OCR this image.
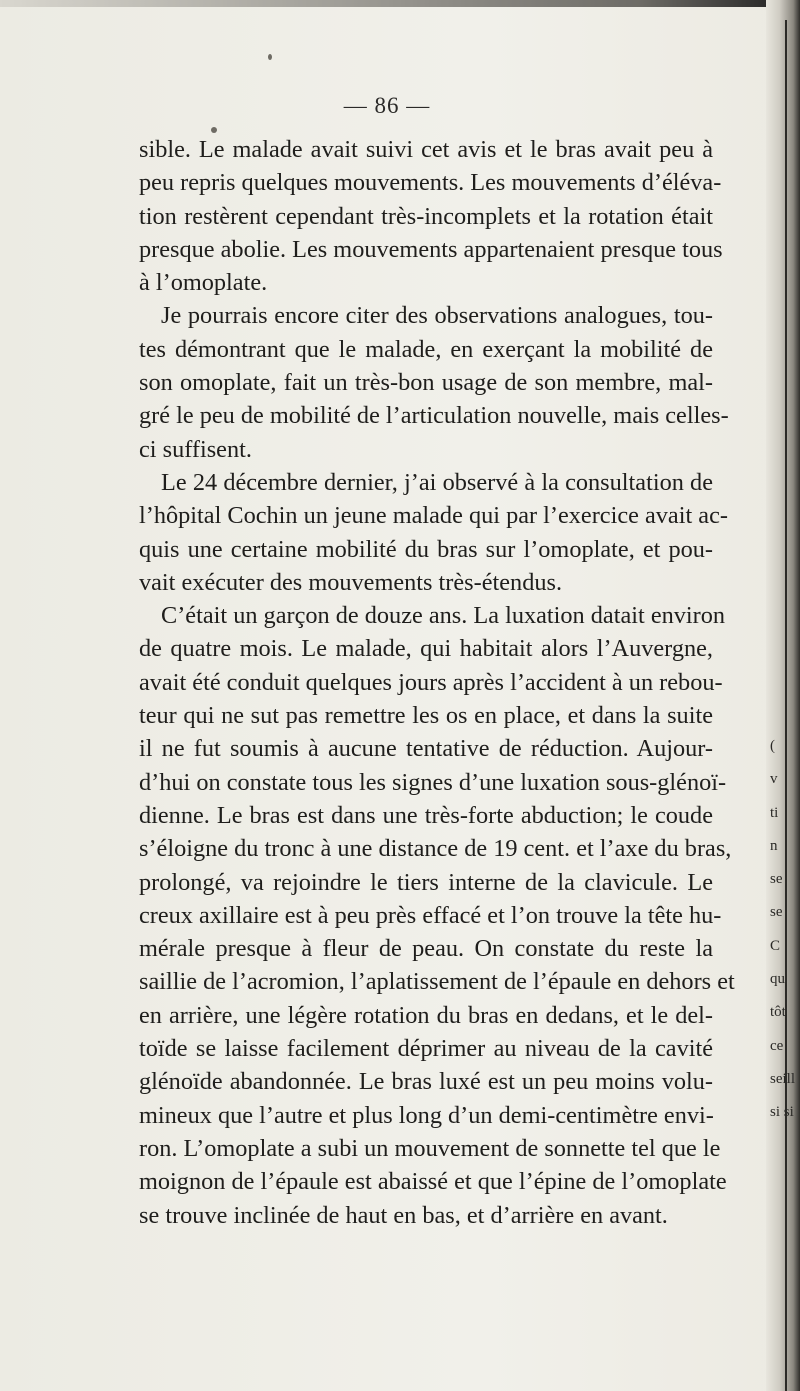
— 86 —
sible. Le malade avait suivi cet avis et le bras avait peu à
peu repris quelques mouvements. Les mouvements d’éléva-
tion restèrent cependant très-incomplets et la rotation était
presque abolie. Les mouvements appartenaient presque tous
à l’omoplate.
Je pourrais encore citer des observations analogues, tou-
tes démontrant que le malade, en exerçant la mobilité de
son omoplate, fait un très-bon usage de son membre, mal-
gré le peu de mobilité de l’articulation nouvelle, mais celles-
ci suffisent.
Le 24 décembre dernier, j’ai observé à la consultation de
l’hôpital Cochin un jeune malade qui par l’exercice avait ac-
quis une certaine mobilité du bras sur l’omoplate, et pou-
vait exécuter des mouvements très-étendus.
C’était un garçon de douze ans. La luxation datait environ
de quatre mois. Le malade, qui habitait alors l’Auvergne,
avait été conduit quelques jours après l’accident à un rebou-
teur qui ne sut pas remettre les os en place, et dans la suite
il ne fut soumis à aucune tentative de réduction. Aujour-
d’hui on constate tous les signes d’une luxation sous-glénoï-
dienne. Le bras est dans une très-forte abduction; le coude
s’éloigne du tronc à une distance de 19 cent. et l’axe du bras,
prolongé, va rejoindre le tiers interne de la clavicule. Le
creux axillaire est à peu près effacé et l’on trouve la tête hu-
mérale presque à fleur de peau. On constate du reste la
saillie de l’acromion, l’aplatissement de l’épaule en dehors et
en arrière, une légère rotation du bras en dedans, et le del-
toïde se laisse facilement déprimer au niveau de la cavité
glénoïde abandonnée. Le bras luxé est un peu moins volu-
mineux que l’autre et plus long d’un demi-centimètre envi-
ron. L’omoplate a subi un mouvement de sonnette tel que le
moignon de l’épaule est abaissé et que l’épine de l’omoplate
se trouve inclinée de haut en bas, et d’arrière en avant.
(
v
ti
n
se
se
C
qu
tôt
ce
seill
si si
